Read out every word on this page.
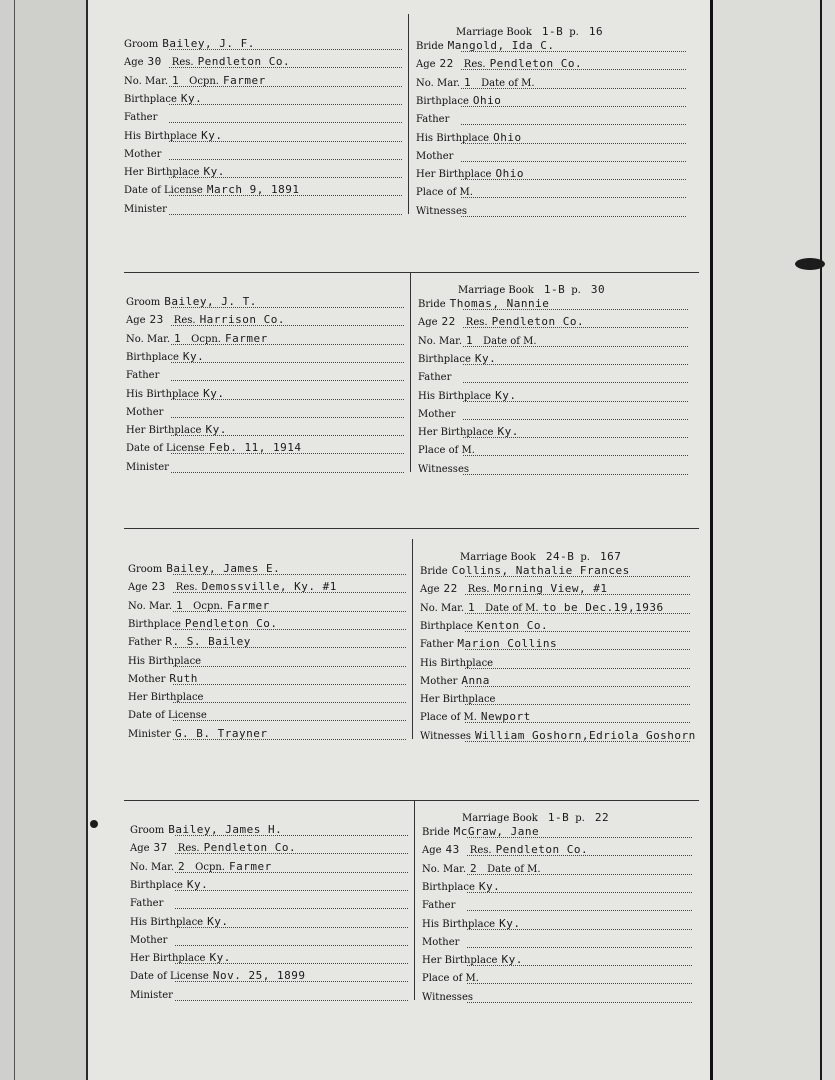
Groom Bailey, J. F.
Age 30 Res. Pendleton Co.
No. Mar. 1 Ocpn. Farmer
Birthplace Ky.
Father
His Birthplace Ky.
Mother
Her Birthplace Ky.
Date of License March 9, 1891
Minister
Marriage Book 1-B p. 16
Bride Mangold, Ida C.
Age 22 Res. Pendleton Co.
No. Mar. 1 Date of M.
Birthplace Ohio
Father
His Birthplace Ohio
Mother
Her Birthplace Ohio
Place of M.
Witnesses
Groom Bailey, J. T.
Age 23 Res. Harrison Co.
No. Mar. 1 Ocpn. Farmer
Birthplace Ky.
Father
His Birthplace Ky.
Mother
Her Birthplace Ky.
Date of License Feb. 11, 1914
Minister
Marriage Book 1-B p. 30
Bride Thomas, Nannie
Age 22 Res. Pendleton Co.
No. Mar. 1 Date of M.
Birthplace Ky.
Father
His Birthplace Ky.
Mother
Her Birthplace Ky.
Place of M.
Witnesses
Groom Bailey, James E.
Age 23 Res. Demossville, Ky. #1
No. Mar. 1 Ocpn. Farmer
Birthplace Pendleton Co.
Father R. S. Bailey
His Birthplace
Mother Ruth
Her Birthplace
Date of License
Minister G. B. Trayner
Marriage Book 24-B p. 167
Bride Collins, Nathalie Frances
Age 22 Res. Morning View, #1
No. Mar. 1 Date of M. to be Dec.19,1936
Birthplace Kenton Co.
Father Marion Collins
His Birthplace
Mother Anna
Her Birthplace
Place of M. Newport
Witnesses William Goshorn,Edriola Goshorn
Groom Bailey, James H.
Age 37 Res. Pendleton Co.
No. Mar. 2 Ocpn. Farmer
Birthplace Ky.
Father
His Birthplace Ky.
Mother
Her Birthplace Ky.
Date of License Nov. 25, 1899
Minister
Marriage Book 1-B p. 22
Bride McGraw, Jane
Age 43 Res. Pendleton Co.
No. Mar. 2 Date of M.
Birthplace Ky.
Father
His Birthplace Ky.
Mother
Her Birthplace Ky.
Place of M.
Witnesses
